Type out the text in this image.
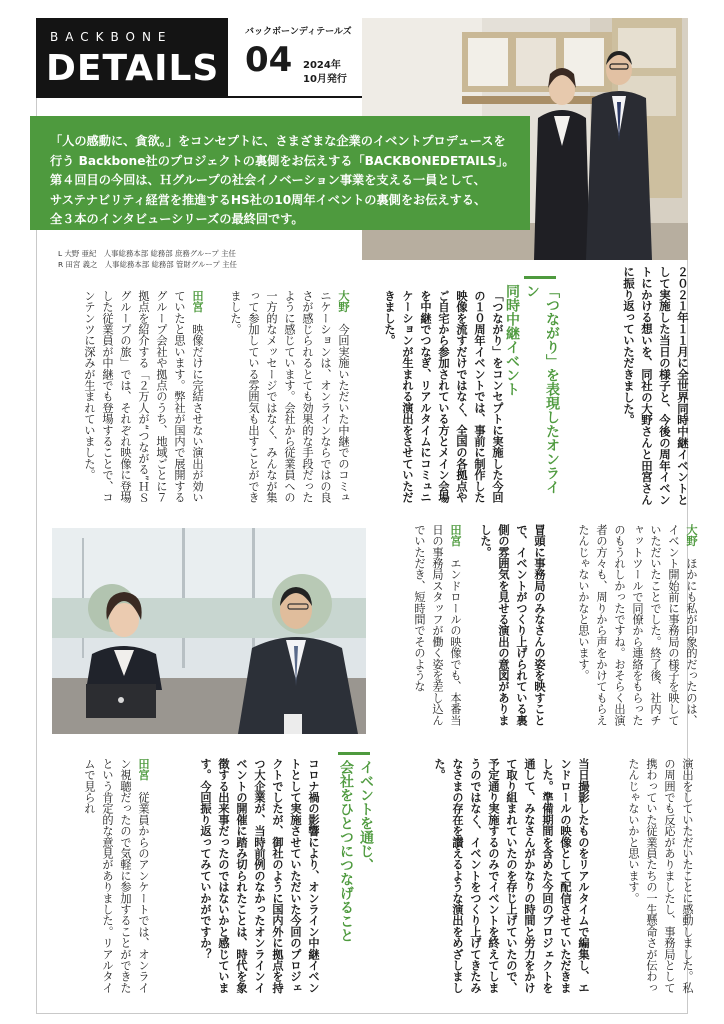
BACKBONE
DETAILS
バックボーンディテールズ
04 2024年
10月発行

「人の感動に、貪欲。」をコンセプトに、さまざまな企業のイベントプロデュースを

行う Backbone社のプロジェクトの裏側をお伝えする「BACKBONEDETAILS」。

第４回目の今回は、Ｈグループの社会イノベーション事業を支える一員として、

サステナビリティ経営を推進するHS社の10周年イベントの裏側をお伝えする、

全３本のインタビューシリーズの最終回です。

L 大野 亜紀　人事総務本部 総務部 庶務グループ 主任
R 田宮 義之　人事総務本部 総務部 管財グループ 主任

２０２１年１１月に全世界同時中継イベントとして実施した当日の様子と、今後の周年イベントにかける想いを、同社の大野さんと田宮さんに振り返っていただきました。

「つながり」を表現したオンライン
同時中継イベント

「つながり」をコンセプトに実施した今回の１０周年イベントでは、事前に制作した映像を流すだけではなく、全国の各拠点やご自宅から参加されている方とメイン会場を中継でつなぎ、リアルタイムにコミュニケーションが生まれる演出をさせていただきました。

大野　今回実施いただいた中継でのコミュニケーションは、オンラインならではの良さが感じられるとても効果的な手段だったように感じています。会社から従業員への一方的なメッセージではなく、みんなが集って参加している雰囲気も出すことができました。

田宮　映像だけに完結させない演出が効いていたと思います。弊社が国内で展開するグループ会社や拠点のうち、地域ごとに７拠点を紹介する「２万人が“つながる”ＨＳグループの旅」では、それぞれ映像に登場した従業員が中継でも登場することで、コンテンツに深みが生まれていました。

大野　ほかにも私が印象的だったのは、イベント開始前に事務局の様子を映していただいたことでした。終了後、社内チャットツールで同僚から連絡をもらったのもうれしかったですね。おそらく出演者の方々も、周りから声をかけてもらえたんじゃないかなと思います。

冒頭に事務局のみなさんの姿を映すことで、イベントがつくり上げられている裏側の雰囲気を見せる演出の意図がありました。

田宮　エンドロールの映像でも、本番当日の事務局スタッフが働く姿を差し込んでいただき、短時間でそのような

演出をしていただいたことに感動しました。私の周囲でも反応がありましたし、事務局として携わっていた従業員たちの一生懸命さが伝わったんじゃないかと思います。

当日撮影したものをリアルタイムで編集し、エンドロールの映像として配信させていただきました。準備期間を含めた今回のプロジェクトを通して、みなさんがかなりの時間と労力をかけて取り組まれていたのを存じ上げていたので、予定通り実施するのみでイベントを終えてしまうのではなく、イベントをつくり上げてきたみなさまの存在を讃えるような演出をめざしました。

イベントを通じ、
会社をひとつにつなげること

コロナ禍の影響により、オンライン中継イベントとして実施させていただいた今回のプロジェクトでしたが、御社のように国内外に拠点を持つ大企業が、当時前例のなかったオンラインイベントの開催に踏み切られたことは、時代を象徴する出来事だったのではないかと感じています。今回振り返ってみていかがですか？

田宮　従業員からのアンケートでは、オンライン視聴だったので気軽に参加することができたという肯定的な意見がありました。リアルタイムで見られ
